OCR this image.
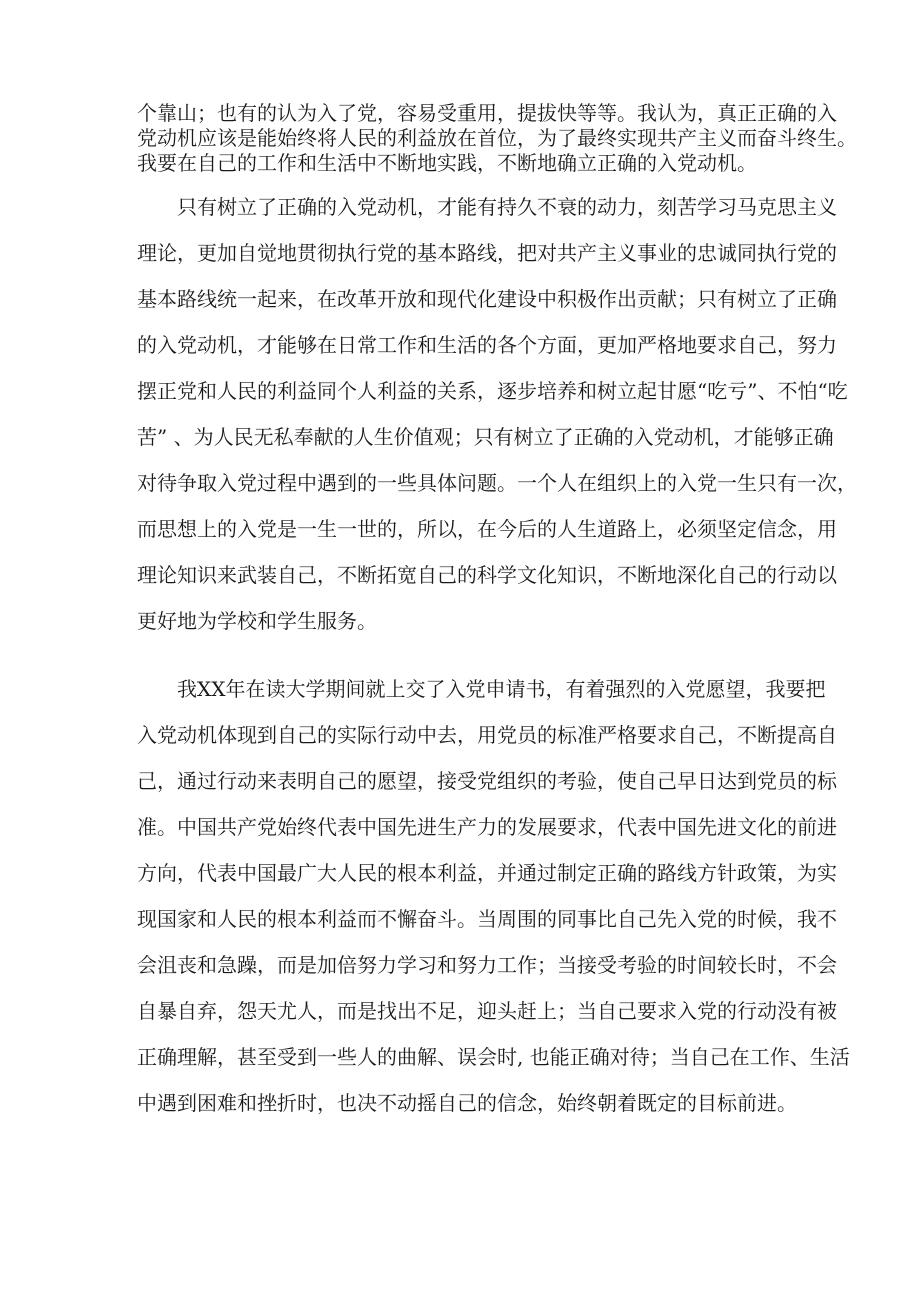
个靠山；也有的认为入了党，容易受重用，提拔快等等。我认为，真正正确的入

党动机应该是能始终将人民的利益放在首位，为了最终实现共产主义而奋斗终生。

我要在自己的工作和生活中不断地实践，不断地确立正确的入党动机。

只有树立了正确的入党动机，才能有持久不衰的动力，刻苦学习马克思主义

理论，更加自觉地贯彻执行党的基本路线，把对共产主义事业的忠诚同执行党的

基本路线统一起来，在改革开放和现代化建设中积极作出贡献；只有树立了正确

的入党动机，才能够在日常工作和生活的各个方面，更加严格地要求自己，努力

摆正党和人民的利益同个人利益的关系，逐步培养和树立起甘愿“吃亏”、不怕“吃

苦” 、为人民无私奉献的人生价值观；只有树立了正确的入党动机，才能够正确

对待争取入党过程中遇到的一些具体问题。一个人在组织上的入党一生只有一次，

而思想上的入党是一生一世的，所以，在今后的人生道路上，必须坚定信念，用

理论知识来武装自己，不断拓宽自己的科学文化知识，不断地深化自己的行动以

更好地为学校和学生服务。

我XX年在读大学期间就上交了入党申请书，有着强烈的入党愿望，我要把

入党动机体现到自己的实际行动中去，用党员的标准严格要求自己，不断提高自

己，通过行动来表明自己的愿望，接受党组织的考验，使自己早日达到党员的标

准。中国共产党始终代表中国先进生产力的发展要求，代表中国先进文化的前进

方向，代表中国最广大人民的根本利益，并通过制定正确的路线方针政策，为实

现国家和人民的根本利益而不懈奋斗。当周围的同事比自己先入党的时候，我不

会沮丧和急躁，而是加倍努力学习和努力工作；当接受考验的时间较长时，不会

自暴自弃，怨天尤人，而是找出不足，迎头赶上；当自己要求入党的行动没有被

正确理解，甚至受到一些人的曲解、误会时, 也能正确对待；当自己在工作、生活

中遇到困难和挫折时，也决不动摇自己的信念，始终朝着既定的目标前进。
